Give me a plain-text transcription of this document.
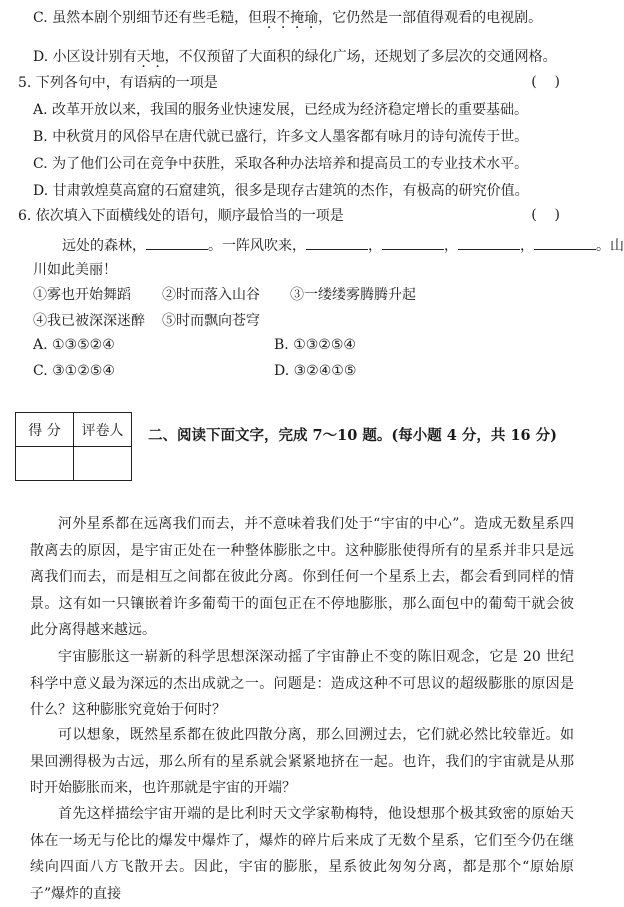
C. 虽然本剧个别细节还有些毛糙，但瑕不掩瑜，它仍然是一部值得观看的电视剧。
D. 小区设计别有天地，不仅预留了大面积的绿化广场，还规划了多层次的交通网格。
5. 下列各句中，有语病的一项是	(    )
A. 改革开放以来，我国的服务业快速发展，已经成为经济稳定增长的重要基础。
B. 中秋赏月的风俗早在唐代就已盛行，许多文人墨客都有咏月的诗句流传于世。
C. 为了他们公司在竞争中获胜，采取各种办法培养和提高员工的专业技术水平。
D. 甘肃敦煌莫高窟的石窟建筑，很多是现存古建筑的杰作，有极高的研究价值。
6. 依次填入下面横线处的语句，顺序最恰当的一项是	(    )
远处的森林，	。一阵风吹来，	，	，	，	。山
川如此美丽！
①雾也开始舞蹈 ②时而落入山谷 ③一缕缕雾腾腾升起
④我已被深深迷醉 ⑤时而飘向苍穹
A. ①③⑤②④	B. ①③②⑤④
C. ③①②⑤④	D. ③②④①⑤
得 分	评卷人
	二、阅读下面文字，完成 7～10 题。(每小题 4 分，共 16 分)
河外星系都在远离我们而去，并不意味着我们处于“宇宙的中心”。造成无数星系四散离去的原因，是宇宙正处在一种整体膨胀之中。这种膨胀使得所有的星系并非只是远离我们而去，而是相互之间都在彼此分离。你到任何一个星系上去，都会看到同样的情景。这有如一只镶嵌着许多葡萄干的面包正在不停地膨胀，那么面包中的葡萄干就会彼此分离得越来越远。
宇宙膨胀这一崭新的科学思想深深动摇了宇宙静止不变的陈旧观念，它是 20 世纪科学中意义最为深远的杰出成就之一。问题是：造成这种不可思议的超级膨胀的原因是什么？这种膨胀究竟始于何时？
可以想象，既然星系都在彼此四散分离，那么回溯过去，它们就必然比较靠近。如果回溯得极为古远，那么所有的星系就会紧紧地挤在一起。也许，我们的宇宙就是从那时开始膨胀而来，也许那就是宇宙的开端？
首先这样描绘宇宙开端的是比利时天文学家勒梅特，他设想那个极其致密的原始天体在一场无与伦比的爆发中爆炸了，爆炸的碎片后来成了无数个星系，它们至今仍在继续向四面八方飞散开去。因此，宇宙的膨胀，星系彼此匆匆分离，都是那个“原始原子”爆炸的直接
